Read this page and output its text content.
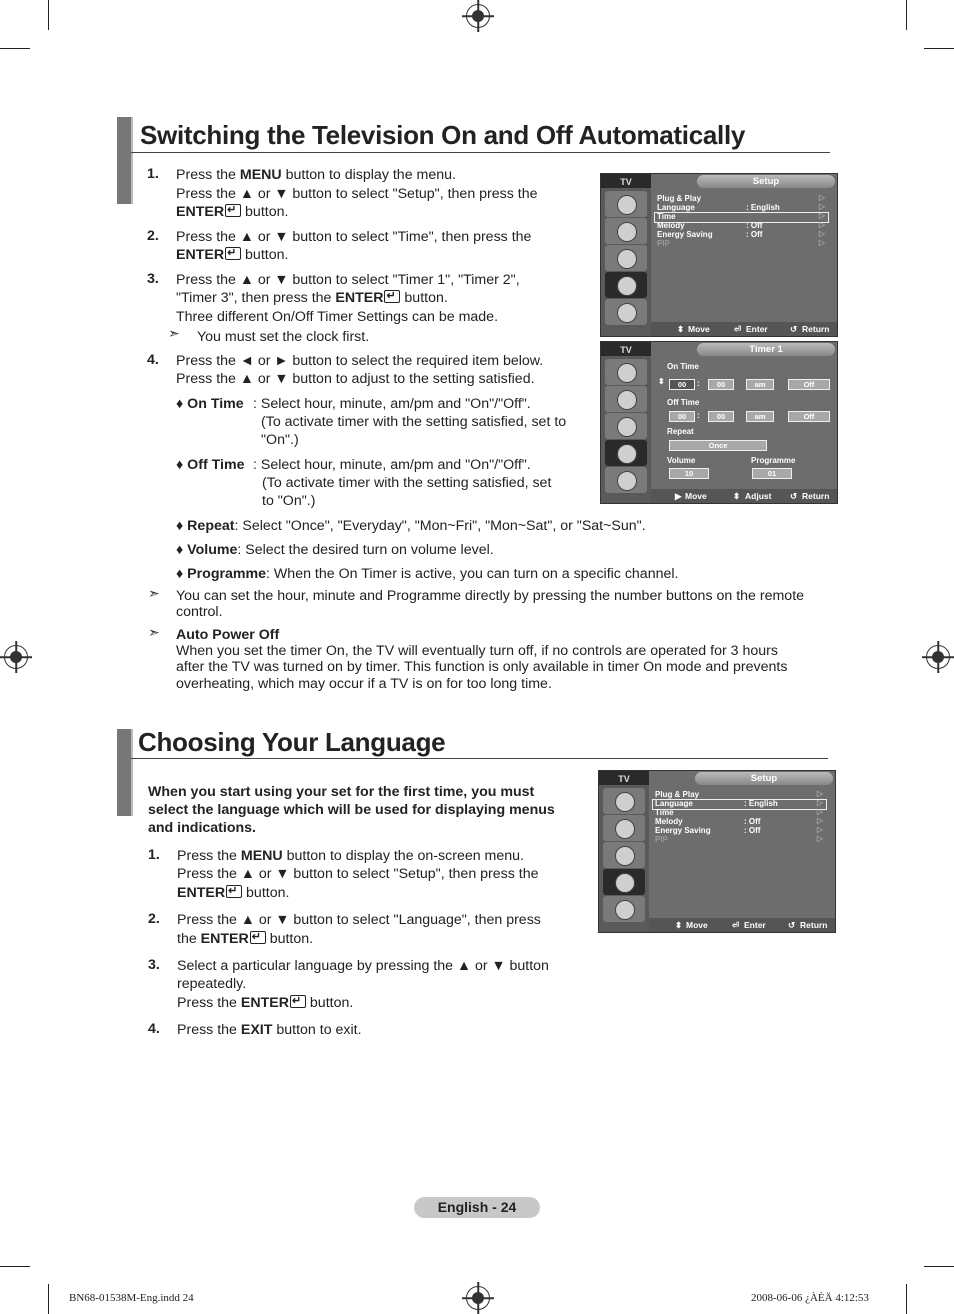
Switching the Television On and Off Automatically
1. Press the MENU button to display the menu.
Press the ▲ or ▼ button to select "Setup", then press the
ENTER↵ button.
2. Press the ▲ or ▼ button to select "Time", then press the
ENTER↵ button.
3. Press the ▲ or ▼ button to select "Timer 1", "Timer 2",
"Timer 3", then press the ENTER↵ button.
Three different On/Off Timer Settings can be made.
➣ You must set the clock first.
4. Press the ◄ or ► button to select the required item below.
Press the ▲ or ▼ button to adjust to the setting satisfied.
♦ On Time : Select hour, minute, am/pm and "On"/"Off".
(To activate timer with the setting satisfied, set to
"On".)
♦ Off Time : Select hour, minute, am/pm and "On"/"Off".
(To activate timer with the setting satisfied, set
to "On".)
♦ Repeat: Select "Once", "Everyday", "Mon~Fri", "Mon~Sat", or "Sat~Sun".
♦ Volume: Select the desired turn on volume level.
♦ Programme: When the On Timer is active, you can turn on a specific channel.
➣ You can set the hour, minute and Programme directly by pressing the number buttons on the remote
control.
➣ Auto Power Off
When you set the timer On, the TV will eventually turn off, if no controls are operated for 3 hours
after the TV was turned on by timer. This function is only available in timer On mode and prevents
overheating, which may occur if a TV is on for too long time.
TV	Setup
Plug & Play
Language	: English
Time
Melody	: Off
Energy Saving	: Off
PIP
▷
▷
▷
▷
▷
▷
⬍ Move	⏎ Enter	↺ Return
TV	Timer 1
On Time
⬍	00	:	00	am	Off
Off Time
00	:	00	am	Off
Repeat
Once
Volume
10
Programme
01
▶ Move	⬍ Adjust ↺ Return
Choosing Your Language
When you start using your set for the first time, you must
select the language which will be used for displaying menus
and indications.
1. Press the MENU button to display the on-screen menu.
Press the ▲ or ▼ button to select "Setup", then press the
ENTER↵ button.
2. Press the ▲ or ▼ button to select "Language", then press
the ENTER↵ button.
3. Select a particular language by pressing the ▲ or ▼ button
repeatedly.
Press the ENTER↵ button.
4. Press the EXIT button to exit.
TV	Setup
Plug & Play
Language	: English
Time
Melody	: Off
Energy Saving	: Off
PIP
▷
▷
▷
▷
▷
▷
⬍ Move	⏎ Enter	↺ Return
English - 24
BN68-01538M-Eng.indd 24	2008-06-06 ¿ÀÈÄ 4:12:53
